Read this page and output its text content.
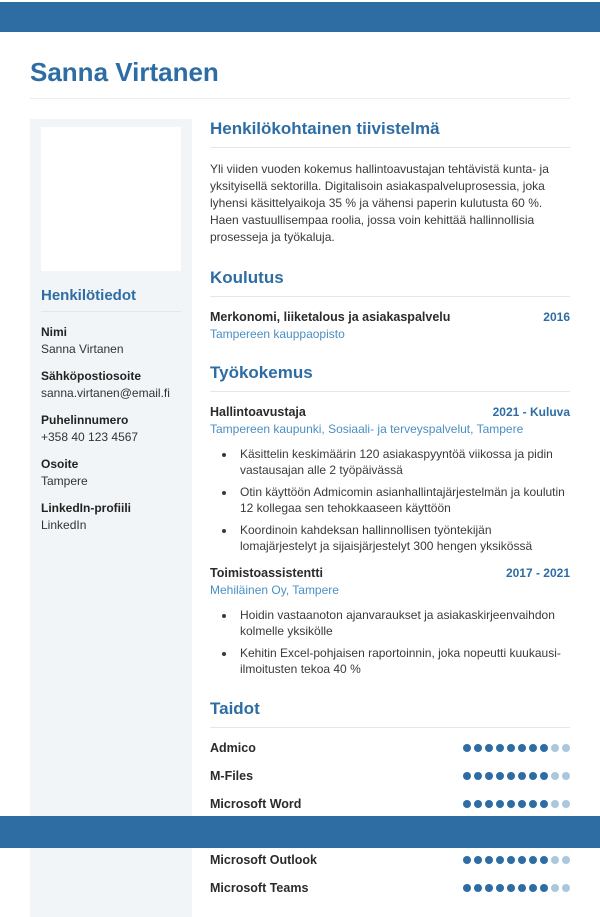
Sanna Virtanen
Henkilötiedot
Nimi
Sanna Virtanen
Sähköpostiosoite
sanna.virtanen@email.fi
Puhelinnumero
+358 40 123 4567
Osoite
Tampere
LinkedIn-profiili
LinkedIn
Henkilökohtainen tiivistelmä

Yli viiden vuoden kokemus hallintoavustajan tehtävistä kunta- ja yksityisellä sektorilla. Digitalisoin asiakaspalveluprosessia, joka lyhensi käsittelyaikoja 35 % ja vähensi paperin kulutusta 60 %. Haen vastuullisempaa roolia, jossa voin kehittää hallinnollisia prosesseja ja työkaluja.

Koulutus
Merkonomi, liiketalous ja asiakaspalvelu	2016
Tampereen kauppaopisto
Työkokemus
Hallintoavustaja	2021 - Kuluva
Tampereen kaupunki, Sosiaali- ja terveyspalvelut, Tampere
• Käsittelin keskimäärin 120 asiakaspyyntöä viikossa ja pidin vastausajan alle 2 työpäivässä
• Otin käyttöön Admicomin asianhallintajärjestelmän ja koulutin 12 kollegaa sen tehokkaaseen käyttöön
• Koordinoin kahdeksan hallinnollisen työntekijän lomajärjestelyt ja sijaisjärjestelyt 300 hengen yksikössä
Toimistoassistentti	2017 - 2021
Mehiläinen Oy, Tampere
• Hoidin vastaanoton ajanvaraukset ja asiakaskirjeenvaihdon kolmelle yksikölle
• Kehitin Excel-pohjaisen raportoinnin, joka nopeutti kuukausi-ilmoitusten tekoa 40 %
Taidot
Admico
M-Files
Microsoft Word
Microsoft Outlook
Microsoft Teams
